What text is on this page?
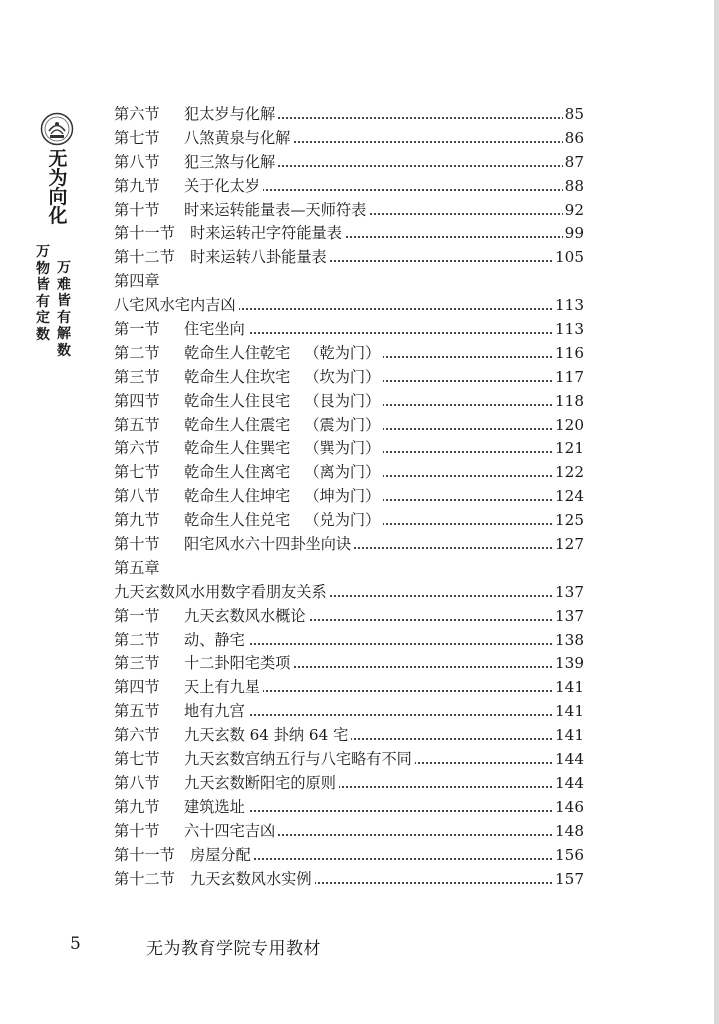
无
为
向
化
万
物
皆
有
定
数
万
难
皆
有
解
数
第六节 犯太岁与化解	85
第七节 八煞黄泉与化解	86
第八节 犯三煞与化解	87
第九节 关于化太岁	88
第十节 时来运转能量表—天师符表	92
第十一节 时来运转卍字符能量表	99
第十二节 时来运转八卦能量表	105
第四章
八宅风水宅内吉凶	113
第一节 住宅坐向	113
第二节 乾命生人住乾宅 （乾为门）	116
第三节 乾命生人住坎宅 （坎为门）	117
第四节 乾命生人住艮宅 （艮为门）	118
第五节 乾命生人住震宅 （震为门）	120
第六节 乾命生人住巽宅 （巽为门）	121
第七节 乾命生人住离宅 （离为门）	122
第八节 乾命生人住坤宅 （坤为门）	124
第九节 乾命生人住兑宅 （兑为门）	125
第十节 阳宅风水六十四卦坐向诀	127
第五章
九天玄数风水用数字看朋友关系	137
第一节 九天玄数风水概论	137
第二节 动、静宅	138
第三节 十二卦阳宅类项	139
第四节 天上有九星	141
第五节 地有九宫	141
第六节 九天玄数 64 卦纳 64 宅	141
第七节 九天玄数宫纳五行与八宅略有不同	144
第八节 九天玄数断阳宅的原则	144
第九节 建筑选址	146
第十节 六十四宅吉凶	148
第十一节 房屋分配	156
第十二节 九天玄数风水实例	157
5	无为教育学院专用教材
